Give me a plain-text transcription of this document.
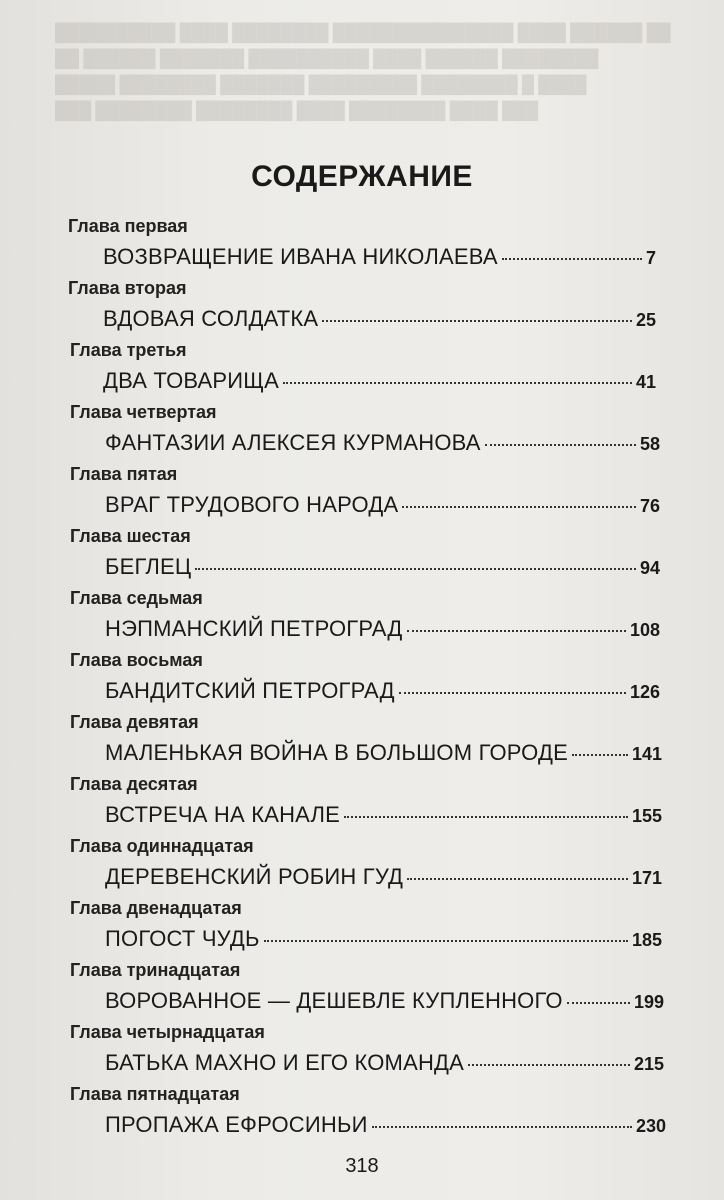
██████████ ████ ████████ ███████████████ ████ ██████ ██
██ ██████ ███████ ██████████ ████ ██████ ████████
█████ ████████ ███████ █████████ ████████ █ ████
███ ████████ ████████ ████ ████████ ████ ███
СОДЕРЖАНИЕ
Глава первая
ВОЗВРАЩЕНИЕ ИВАНА НИКОЛАЕВА	7
Глава вторая
ВДОВАЯ СОЛДАТКА	25
Глава третья
ДВА ТОВАРИЩА	41
Глава четвертая
ФАНТАЗИИ АЛЕКСЕЯ КУРМАНОВА	58
Глава пятая
ВРАГ ТРУДОВОГО НАРОДА	76
Глава шестая
БЕГЛЕЦ	94
Глава седьмая
НЭПМАНСКИЙ ПЕТРОГРАД	108
Глава восьмая
БАНДИТСКИЙ ПЕТРОГРАД	126
Глава девятая
МАЛЕНЬКАЯ ВОЙНА В БОЛЬШОМ ГОРОДЕ	141
Глава десятая
ВСТРЕЧА НА КАНАЛЕ	155
Глава одиннадцатая
ДЕРЕВЕНСКИЙ РОБИН ГУД	171
Глава двенадцатая
ПОГОСТ ЧУДЬ	185
Глава тринадцатая
ВОРОВАННОЕ — ДЕШЕВЛЕ КУПЛЕННОГО	199
Глава четырнадцатая
БАТЬКА МАХНО И ЕГО КОМАНДА	215
Глава пятнадцатая
ПРОПАЖА ЕФРОСИНЬИ	230
318
